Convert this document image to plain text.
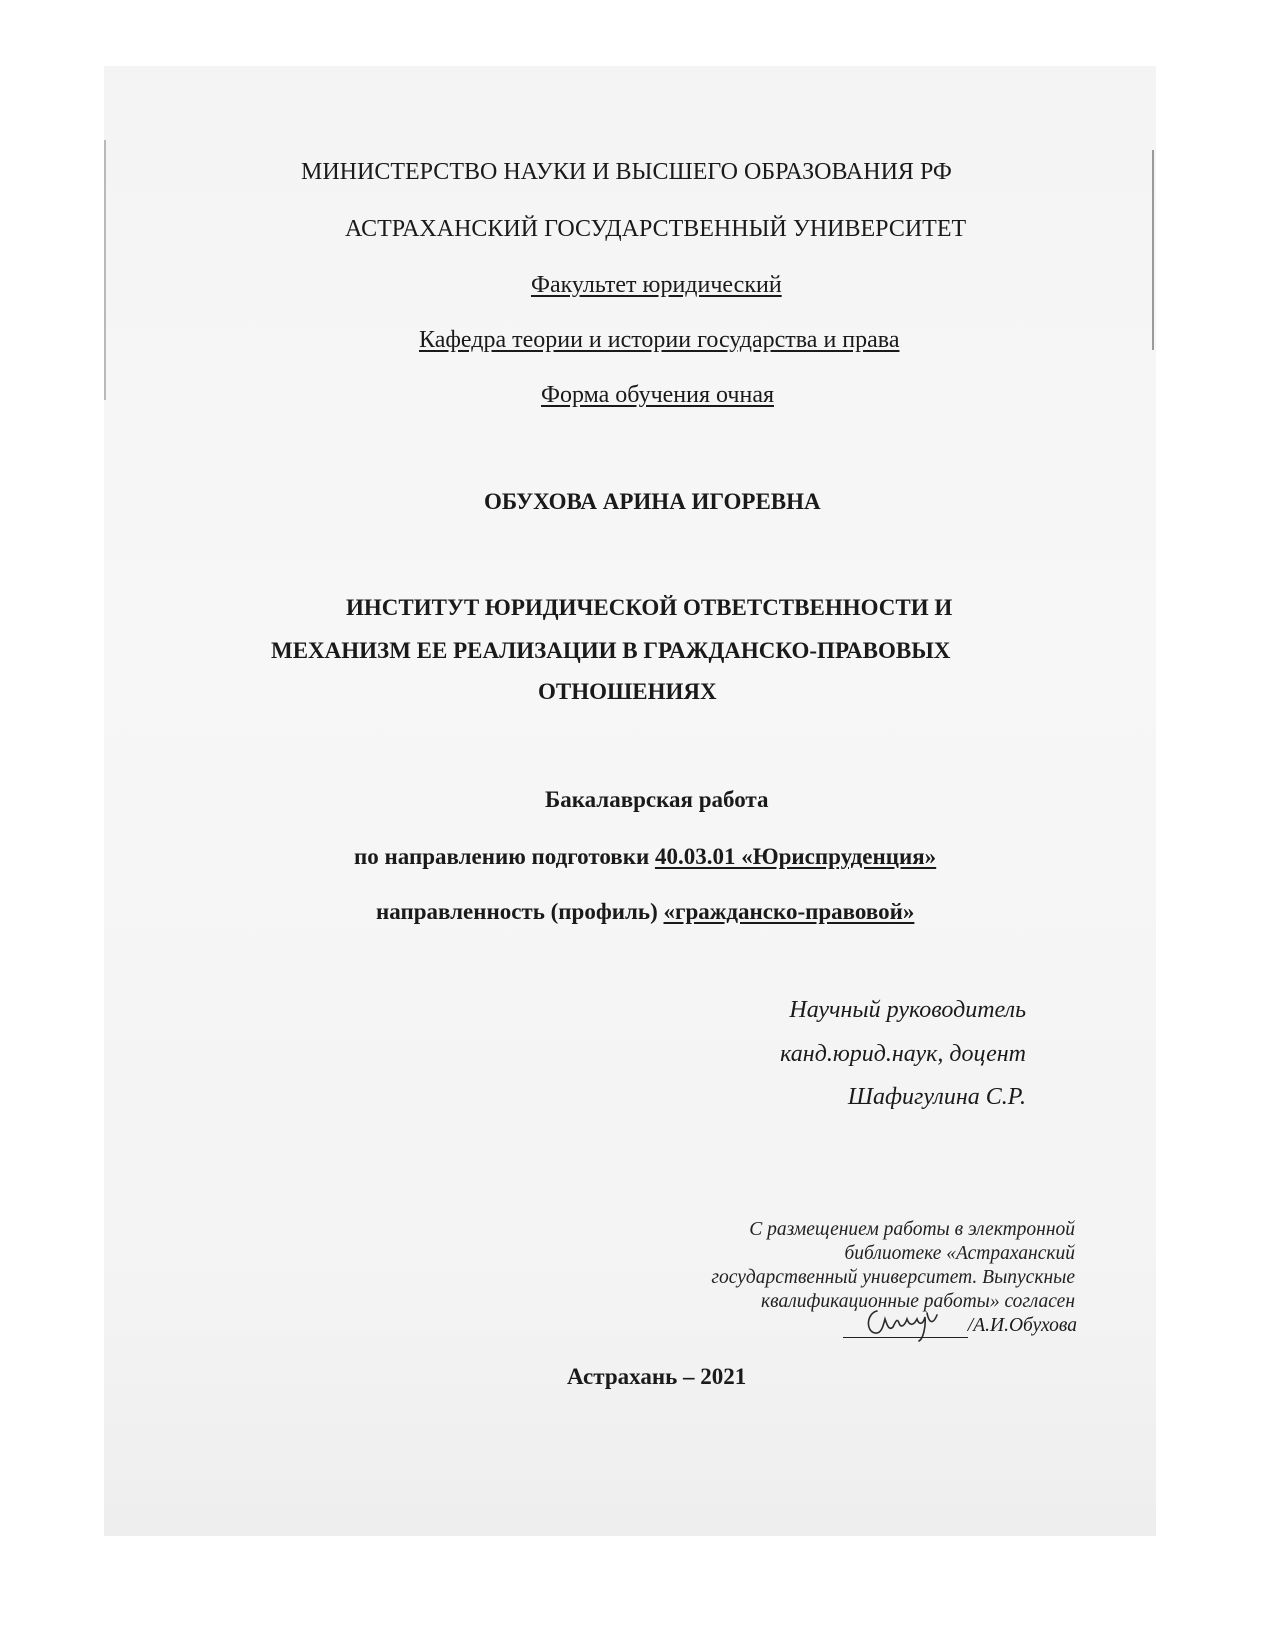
МИНИСТЕРСТВО НАУКИ И ВЫСШЕГО ОБРАЗОВАНИЯ РФ
АСТРАХАНСКИЙ ГОСУДАРСТВЕННЫЙ УНИВЕРСИТЕТ
Факультет юридический
Кафедра теории и истории государства и права
Форма обучения очная
ОБУХОВА АРИНА ИГОРЕВНА
ИНСТИТУТ ЮРИДИЧЕСКОЙ ОТВЕТСТВЕННОСТИ И
МЕХАНИЗМ ЕЕ РЕАЛИЗАЦИИ В ГРАЖДАНСКО-ПРАВОВЫХ
ОТНОШЕНИЯХ
Бакалаврская работа
по направлению подготовки 40.03.01 «Юриспруденция»
направленность (профиль) «гражданско-правовой»
Научный руководитель
канд.юрид.наук, доцент
Шафигулина С.Р.
С размещением работы в электронной
библиотеке «Астраханский
государственный университет. Выпускные
квалификационные работы» согласен
/А.И.Обухова
Астрахань – 2021
